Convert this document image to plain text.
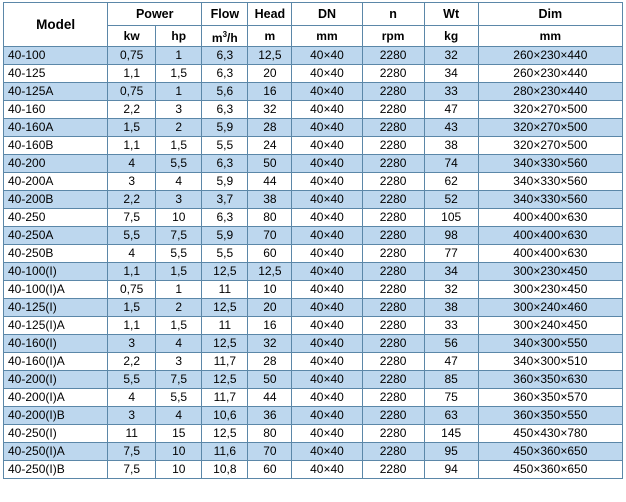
Model	Power		Flow	Head	DN	n	Wt	Dim
	kw	hp	$m^3/h$	m	mm	rpm	kg	mm
40-100	0,75	1	6,3	12,5	40×40	2280	32	260×230×440
40-125	1,1	1,5	6,3	20	40×40	2280	34	260×230×440
40-125A	0,75	1	5,6	16	40×40	2280	33	280×230×440
40-160	2,2	3	6,3	32	40×40	2280	47	320×270×500
40-160A	1,5	2	5,9	28	40×40	2280	43	320×270×500
40-160B	1,1	1,5	5,5	24	40×40	2280	38	320×270×500
40-200	4	5,5	6,3	50	40×40	2280	74	340×330×560
40-200A	3	4	5,9	44	40×40	2280	62	340×330×560
40-200B	2,2	3	3,7	38	40×40	2280	52	340×330×560
40-250	7,5	10	6,3	80	40×40	2280	105	400×400×630
40-250A	5,5	7,5	5,9	70	40×40	2280	98	400×400×630
40-250B	4	5,5	5,5	60	40×40	2280	77	400×400×630
40-100(I)	1,1	1,5	12,5	12,5	40×40	2280	34	300×230×450
40-100(I)A	0,75	1	11	10	40×40	2280	32	300×230×450
40-125(I)	1,5	2	12,5	20	40×40	2280	38	300×240×460
40-125(I)A	1,1	1,5	11	16	40×40	2280	33	300×240×450
40-160(I)	3	4	12,5	32	40×40	2280	56	340×300×550
40-160(I)A	2,2	3	11,7	28	40×40	2280	47	340×300×510
40-200(I)	5,5	7,5	12,5	50	40×40	2280	85	360×350×630
40-200(I)A	4	5,5	11,7	44	40×40	2280	75	360×350×570
40-200(I)B	3	4	10,6	36	40×40	2280	63	360×350×550
40-250(I)	11	15	12,5	80	40×40	2280	145	450×430×780
40-250(I)A	7,5	10	11,6	70	40×40	2280	95	450×360×650
40-250(I)B	7,5	10	10,8	60	40×40	2280	94	450×360×650
